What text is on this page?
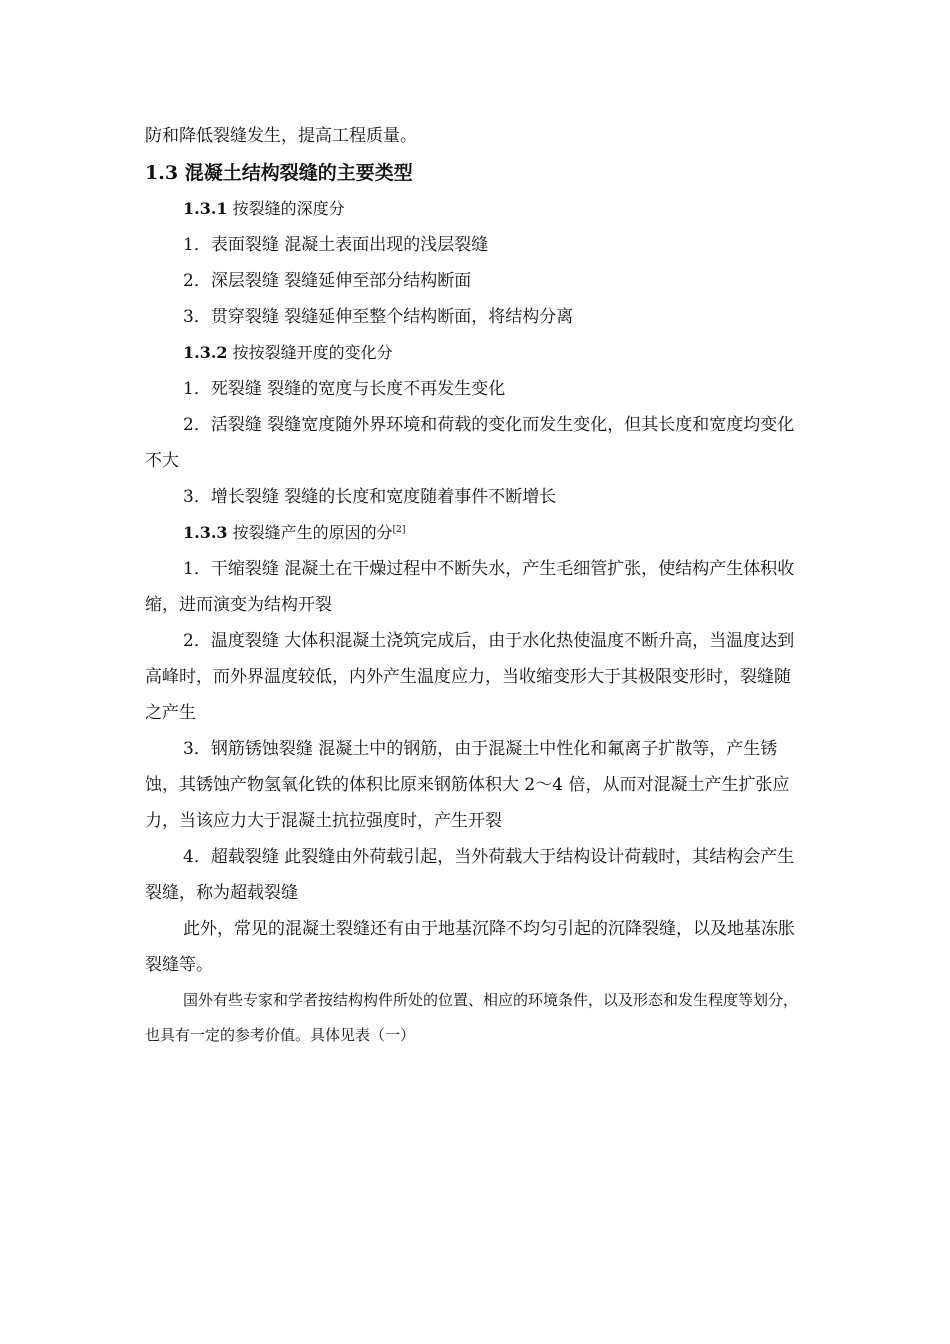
防和降低裂缝发生，提高工程质量。

1.3 混凝土结构裂缝的主要类型

1.3.1 按裂缝的深度分

1．表面裂缝 混凝土表面出现的浅层裂缝

2．深层裂缝 裂缝延伸至部分结构断面

3．贯穿裂缝 裂缝延伸至整个结构断面，将结构分离

1.3.2 按按裂缝开度的变化分

1．死裂缝 裂缝的宽度与长度不再发生变化

2．活裂缝 裂缝宽度随外界环境和荷载的变化而发生变化，但其长度和宽度均变化不大

3．增长裂缝 裂缝的长度和宽度随着事件不断增长

1.3.3 按裂缝产生的原因的分[2]

1．干缩裂缝 混凝土在干燥过程中不断失水，产生毛细管扩张，使结构产生体积收缩，进而演变为结构开裂

2．温度裂缝 大体积混凝土浇筑完成后，由于水化热使温度不断升高，当温度达到高峰时，而外界温度较低，内外产生温度应力，当收缩变形大于其极限变形时，裂缝随之产生

3．钢筋锈蚀裂缝 混凝土中的钢筋，由于混凝土中性化和氟离子扩散等，产生锈蚀，其锈蚀产物氢氧化铁的体积比原来钢筋体积大 2～4 倍，从而对混凝土产生扩张应力，当该应力大于混凝土抗拉强度时，产生开裂

4．超载裂缝 此裂缝由外荷载引起，当外荷载大于结构设计荷载时，其结构会产生裂缝，称为超载裂缝

此外，常见的混凝土裂缝还有由于地基沉降不均匀引起的沉降裂缝，以及地基冻胀裂缝等。

国外有些专家和学者按结构构件所处的位置、相应的环境条件，以及形态和发生程度等划分，也具有一定的参考价值。具体见表（一）
